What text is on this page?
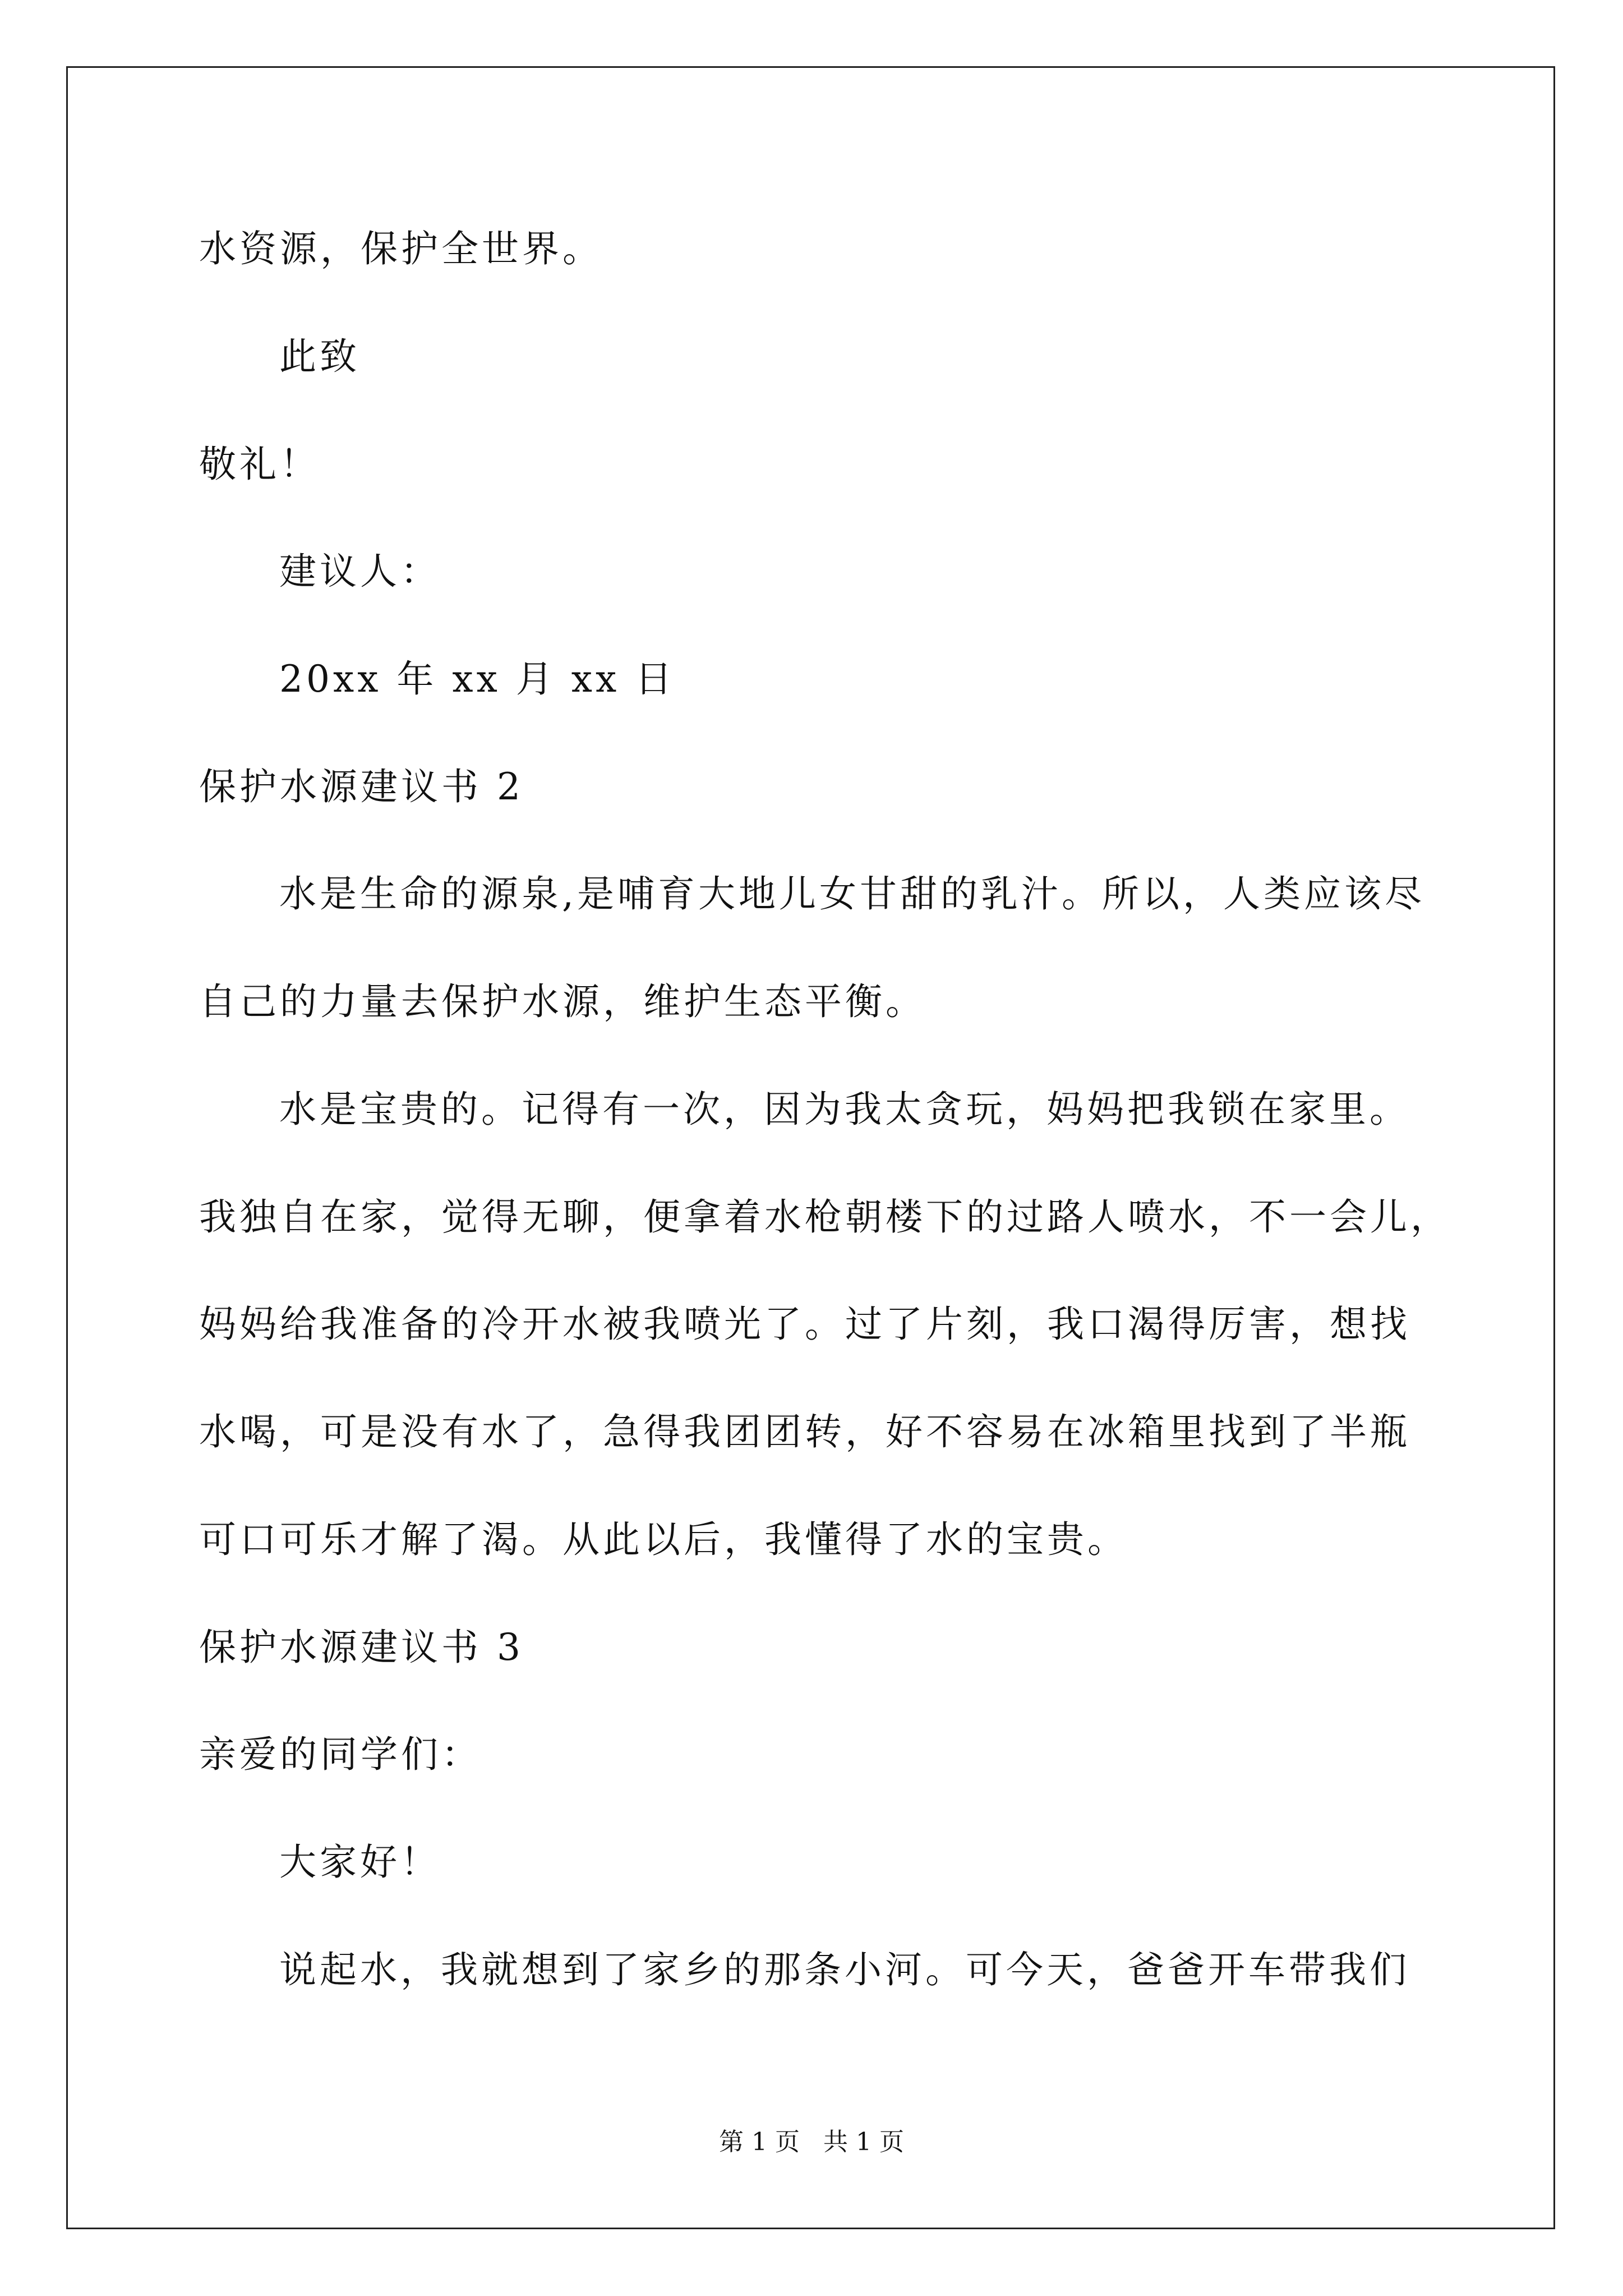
水资源，保护全世界。
此致
敬礼！
建议人：
20xx 年 xx 月 xx 日
保护水源建议书 2
水是生命的源泉,是哺育大地儿女甘甜的乳汁。所以，人类应该尽
自己的力量去保护水源，维护生态平衡。
水是宝贵的。记得有一次，因为我太贪玩，妈妈把我锁在家里。
我独自在家，觉得无聊，便拿着水枪朝楼下的过路人喷水，不一会儿，
妈妈给我准备的冷开水被我喷光了。过了片刻，我口渴得厉害，想找
水喝，可是没有水了，急得我团团转，好不容易在冰箱里找到了半瓶
可口可乐才解了渴。从此以后，我懂得了水的宝贵。
保护水源建议书 3
亲爱的同学们：
大家好！
说起水，我就想到了家乡的那条小河。可今天，爸爸开车带我们
第 1 页   共 1 页
